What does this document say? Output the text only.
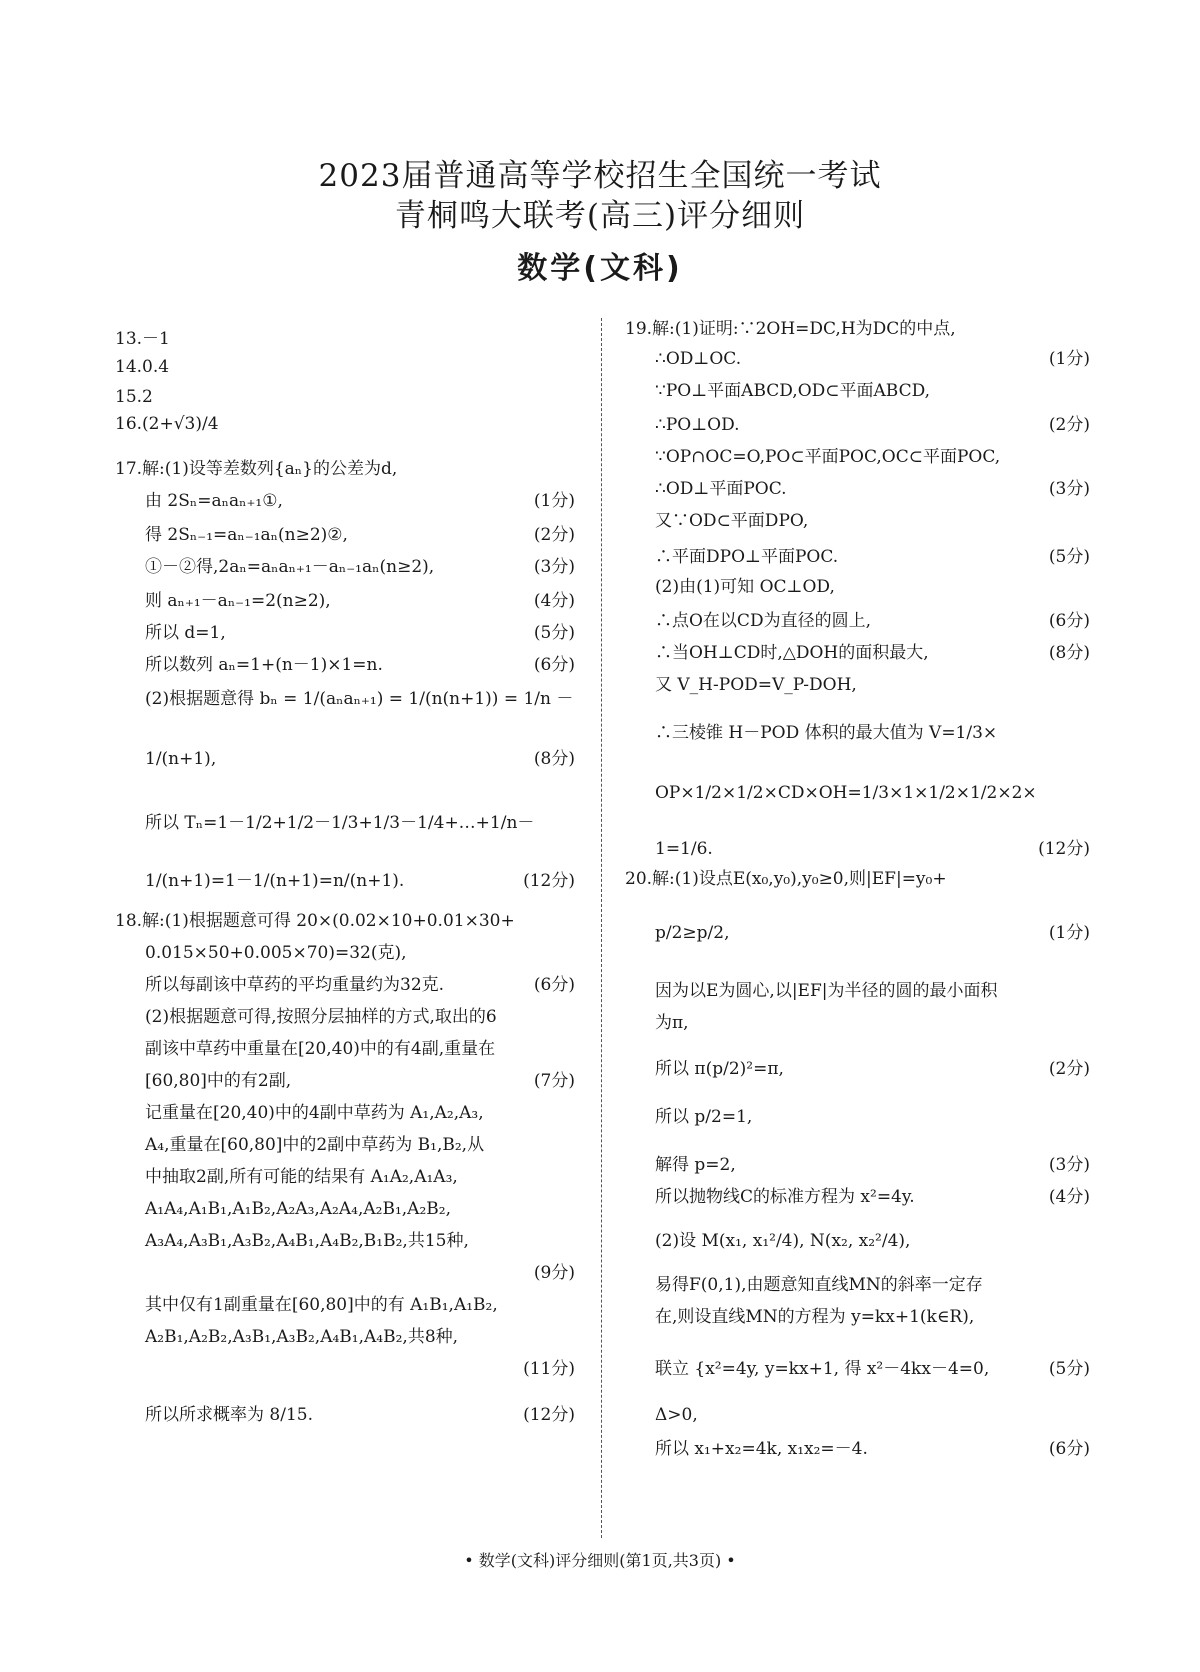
2023届普通高等学校招生全国统一考试
青桐鸣大联考(高三)评分细则
数学(文科)
13.－1
14.0.4
15.2
16.(2+√3)/4
17.解:(1)设等差数列{aₙ}的公差为d,
由 2Sₙ=aₙaₙ₊₁①,	(1分)
得 2Sₙ₋₁=aₙ₋₁aₙ(n≥2)②,	(2分)
①－②得,2aₙ=aₙaₙ₊₁－aₙ₋₁aₙ(n≥2),	(3分)
则 aₙ₊₁－aₙ₋₁=2(n≥2),	(4分)
所以 d=1,	(5分)
所以数列 aₙ=1+(n－1)×1=n.	(6分)
(2)根据题意得 bₙ = 1/(aₙaₙ₊₁) = 1/(n(n+1)) = 1/n －
1/(n+1),	(8分)
所以 Tₙ=1－1/2+1/2－1/3+1/3－1/4+…+1/n－
1/(n+1)=1－1/(n+1)=n/(n+1).	(12分)
18.解:(1)根据题意可得 20×(0.02×10+0.01×30+
0.015×50+0.005×70)=32(克),
所以每副该中草药的平均重量约为32克.	(6分)
(2)根据题意可得,按照分层抽样的方式,取出的6
副该中草药中重量在[20,40)中的有4副,重量在
[60,80]中的有2副,	(7分)
记重量在[20,40)中的4副中草药为 A₁,A₂,A₃,
A₄,重量在[60,80]中的2副中草药为 B₁,B₂,从
中抽取2副,所有可能的结果有 A₁A₂,A₁A₃,
A₁A₄,A₁B₁,A₁B₂,A₂A₃,A₂A₄,A₂B₁,A₂B₂,
A₃A₄,A₃B₁,A₃B₂,A₄B₁,A₄B₂,B₁B₂,共15种,
(9分)
其中仅有1副重量在[60,80]中的有 A₁B₁,A₁B₂,
A₂B₁,A₂B₂,A₃B₁,A₃B₂,A₄B₁,A₄B₂,共8种,
(11分)
所以所求概率为 8/15.	(12分)
19.解:(1)证明:∵2OH=DC,H为DC的中点,
∴OD⊥OC.	(1分)
∵PO⊥平面ABCD,OD⊂平面ABCD,
∴PO⊥OD.	(2分)
∵OP∩OC=O,PO⊂平面POC,OC⊂平面POC,
∴OD⊥平面POC.	(3分)
又∵OD⊂平面DPO,
∴平面DPO⊥平面POC.	(5分)
(2)由(1)可知 OC⊥OD,
∴点O在以CD为直径的圆上,	(6分)
∴当OH⊥CD时,△DOH的面积最大,	(8分)
又 V_H-POD=V_P-DOH,
∴三棱锥 H－POD 体积的最大值为 V=1/3×
OP×1/2×1/2×CD×OH=1/3×1×1/2×1/2×2×
1=1/6.	(12分)
20.解:(1)设点E(x₀,y₀),y₀≥0,则|EF|=y₀+
p/2≥p/2,	(1分)
因为以E为圆心,以|EF|为半径的圆的最小面积
为π,
所以 π(p/2)²=π,	(2分)
所以 p/2=1,
解得 p=2,	(3分)
所以抛物线C的标准方程为 x²=4y.	(4分)
(2)设 M(x₁, x₁²/4), N(x₂, x₂²/4),
易得F(0,1),由题意知直线MN的斜率一定存
在,则设直线MN的方程为 y=kx+1(k∈R),
联立 {x²=4y, y=kx+1, 得 x²－4kx－4=0,	(5分)
Δ>0,
所以 x₁+x₂=4k, x₁x₂=－4.	(6分)
• 数学(文科)评分细则(第1页,共3页) •
